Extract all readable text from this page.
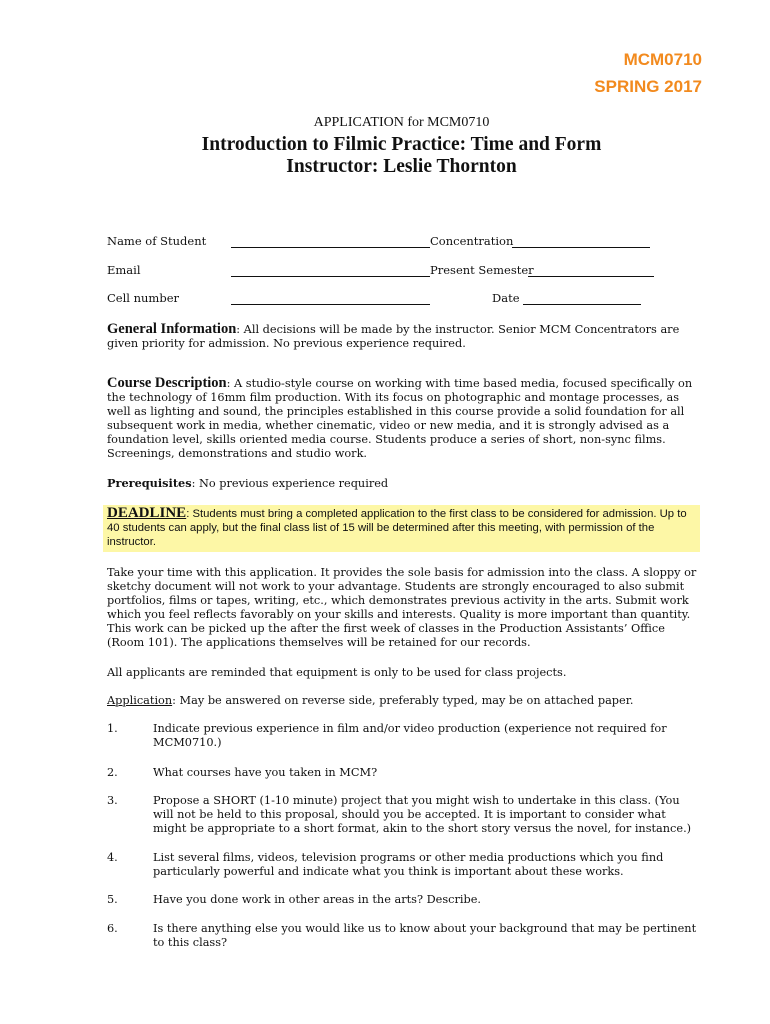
MCM0710
SPRING 2017
APPLICATION for MCM0710
Introduction to Filmic Practice: Time and Form
Instructor: Leslie Thornton
Name of Student	Concentration
Email	Present Semester
Cell number	Date
General Information: All decisions will be made by the instructor. Senior MCM Concentrators are given priority for admission. No previous experience required.
Course Description: A studio-style course on working with time based media, focused specifically on the technology of 16mm film production. With its focus on photographic and montage processes, as well as lighting and sound, the principles established in this course provide a solid foundation for all subsequent work in media, whether cinematic, video or new media, and it is strongly advised as a foundation level, skills oriented media course. Students produce a series of short, non-sync films. Screenings, demonstrations and studio work.
Prerequisites: No previous experience required
DEADLINE: Students must bring a completed application to the first class to be considered for admission. Up to 40 students can apply, but the final class list of 15 will be determined after this meeting, with permission of the instructor.
Take your time with this application. It provides the sole basis for admission into the class. A sloppy or sketchy document will not work to your advantage. Students are strongly encouraged to also submit portfolios, films or tapes, writing, etc., which demonstrates previous activity in the arts. Submit work which you feel reflects favorably on your skills and interests. Quality is more important than quantity. This work can be picked up the after the first week of classes in the Production Assistants’ Office (Room 101). The applications themselves will be retained for our records.
All applicants are reminded that equipment is only to be used for class projects.
Application: May be answered on reverse side, preferably typed, may be on attached paper.
1.	Indicate previous experience in film and/or video production (experience not required for MCM0710.)
2.	What courses have you taken in MCM?
3.	Propose a SHORT (1-10 minute) project that you might wish to undertake in this class. (You will not be held to this proposal, should you be accepted. It is important to consider what might be appropriate to a short format, akin to the short story versus the novel, for instance.)
4.	List several films, videos, television programs or other media productions which you find particularly powerful and indicate what you think is important about these works.
5.	Have you done work in other areas in the arts? Describe.
6.	Is there anything else you would like us to know about your background that may be pertinent to this class?
